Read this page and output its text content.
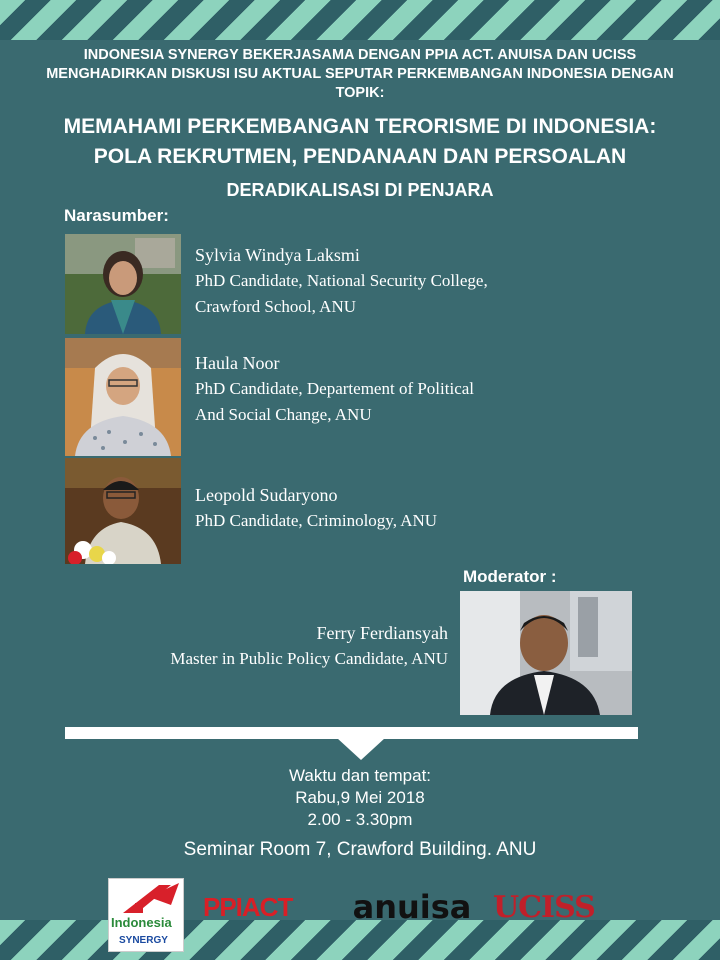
INDONESIA SYNERGY BEKERJASAMA DENGAN PPIA ACT. ANUISA DAN UCISS
MENGHADIRKAN DISKUSI ISU AKTUAL SEPUTAR PERKEMBANGAN INDONESIA DENGAN
TOPIK:
MEMAHAMI PERKEMBANGAN TERORISME DI INDONESIA:
POLA REKRUTMEN, PENDANAAN DAN PERSOALAN
DERADIKALISASI DI PENJARA
Narasumber:
Sylvia Windya Laksmi
PhD Candidate, National Security College,
Crawford School, ANU
Haula Noor
PhD Candidate, Departement of Political
And Social Change, ANU
Leopold Sudaryono
PhD Candidate, Criminology, ANU
Moderator :
Ferry Ferdiansyah
Master in Public Policy Candidate, ANU
Waktu dan tempat:
Rabu,9 Mei 2018
2.00 - 3.30pm
Seminar Room 7, Crawford Building. ANU
Indonesia
SYNERGY
PPIACT	anuisa UCISS
